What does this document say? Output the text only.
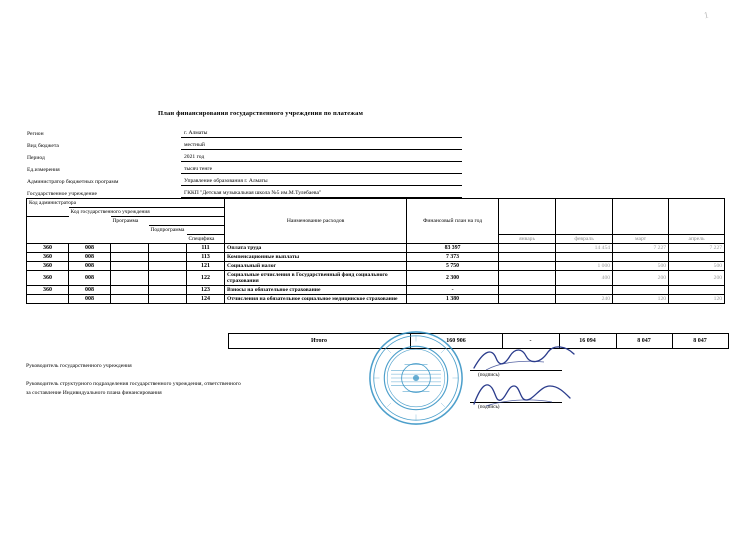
1
План финансирования государственного учреждения по платежам
Регион	г. Алматы
Вид бюджета	местный
Период	2021 год
Ед.измерения	тысяч тенге
Администратор бюджетных программ	Управление образования г. Алматы
Государственное учреждение	ГККП "Детская музыкальная школа №5 им.М.Тулебаева"
Код администратора					Наименование расходов	Финансовый план на год				
	Код государственного учреждения									
		Программа								
			Подпрограмма							
				Специфика			январь	февраль	март	апрель
360	008			111	Оплата труда	83 397		14 454	7 227	7 227
360	008			113	Компенсационные выплаты	7 373				
360	008			121	Социальный налог	5 750		1 000	500	500
360	008			122	Социальные отчисления в Государственный фонд социального страхования	2 300		400	200	200
360	008			123	Взносы на обязательное страхование	-				
	008			124	Отчисления на обязательное социальное медицинское страхование	1 380		240	120	120
	Итого	160 906	-	16 094	8 047	8 047
Руководитель государственного учреждения
Руководитель структурного подразделения государственного учреждения, ответственного за составление Индивидуального плана финансирования
(подпись)
(подпись)
